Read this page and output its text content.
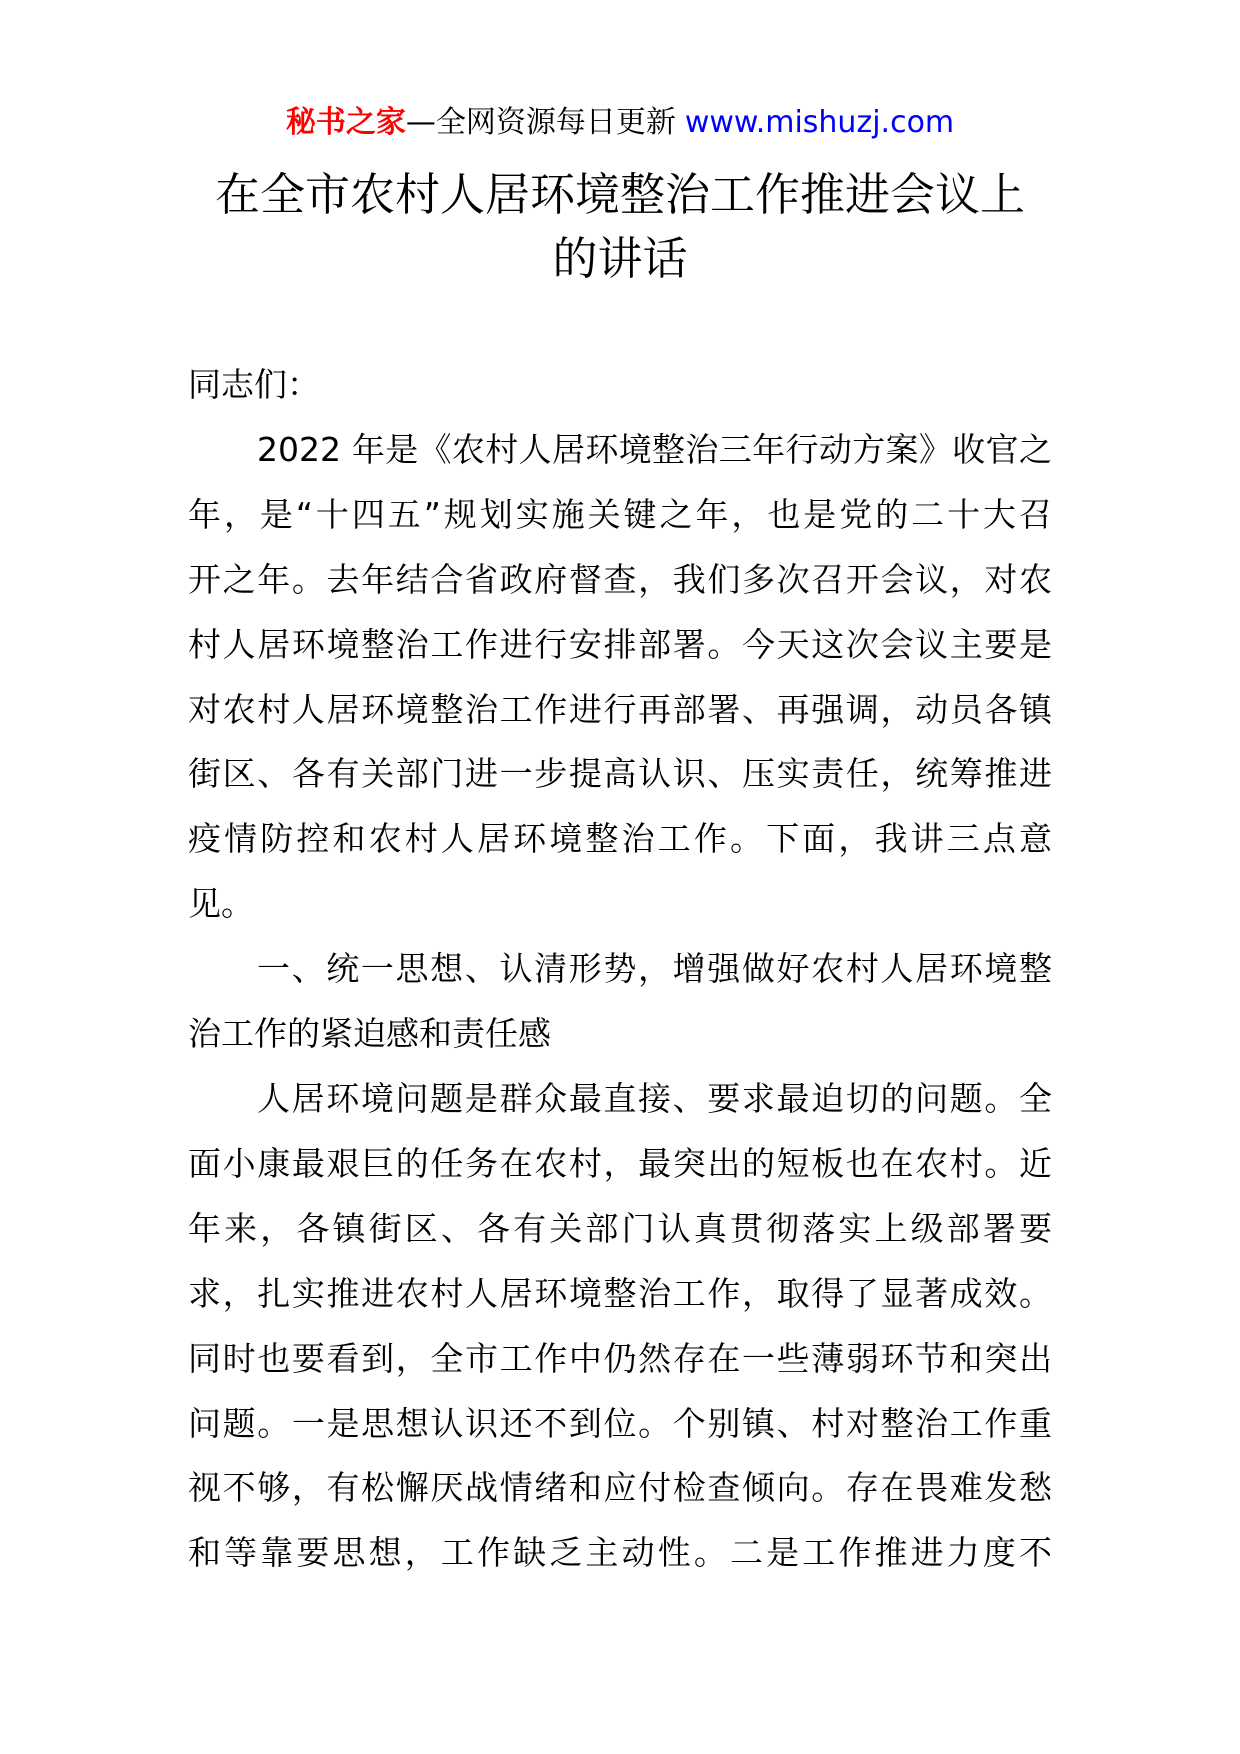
秘书之家—全网资源每日更新 www.mishuzj.com
在全市农村人居环境整治工作推进会议上
的讲话
同志们：
2022 年是《农村人居环境整治三年行动方案》收官之
年，是“十四五”规划实施关键之年，也是党的二十大召
开之年。去年结合省政府督查，我们多次召开会议，对农
村人居环境整治工作进行安排部署。今天这次会议主要是
对农村人居环境整治工作进行再部署、再强调，动员各镇
街区、各有关部门进一步提高认识、压实责任，统筹推进
疫情防控和农村人居环境整治工作。下面，我讲三点意
见。
一、统一思想、认清形势，增强做好农村人居环境整
治工作的紧迫感和责任感
人居环境问题是群众最直接、要求最迫切的问题。全
面小康最艰巨的任务在农村，最突出的短板也在农村。近
年来，各镇街区、各有关部门认真贯彻落实上级部署要
求，扎实推进农村人居环境整治工作，取得了显著成效。
同时也要看到，全市工作中仍然存在一些薄弱环节和突出
问题。一是思想认识还不到位。个别镇、村对整治工作重
视不够，有松懈厌战情绪和应付检查倾向。存在畏难发愁
和等靠要思想，工作缺乏主动性。二是工作推进力度不
